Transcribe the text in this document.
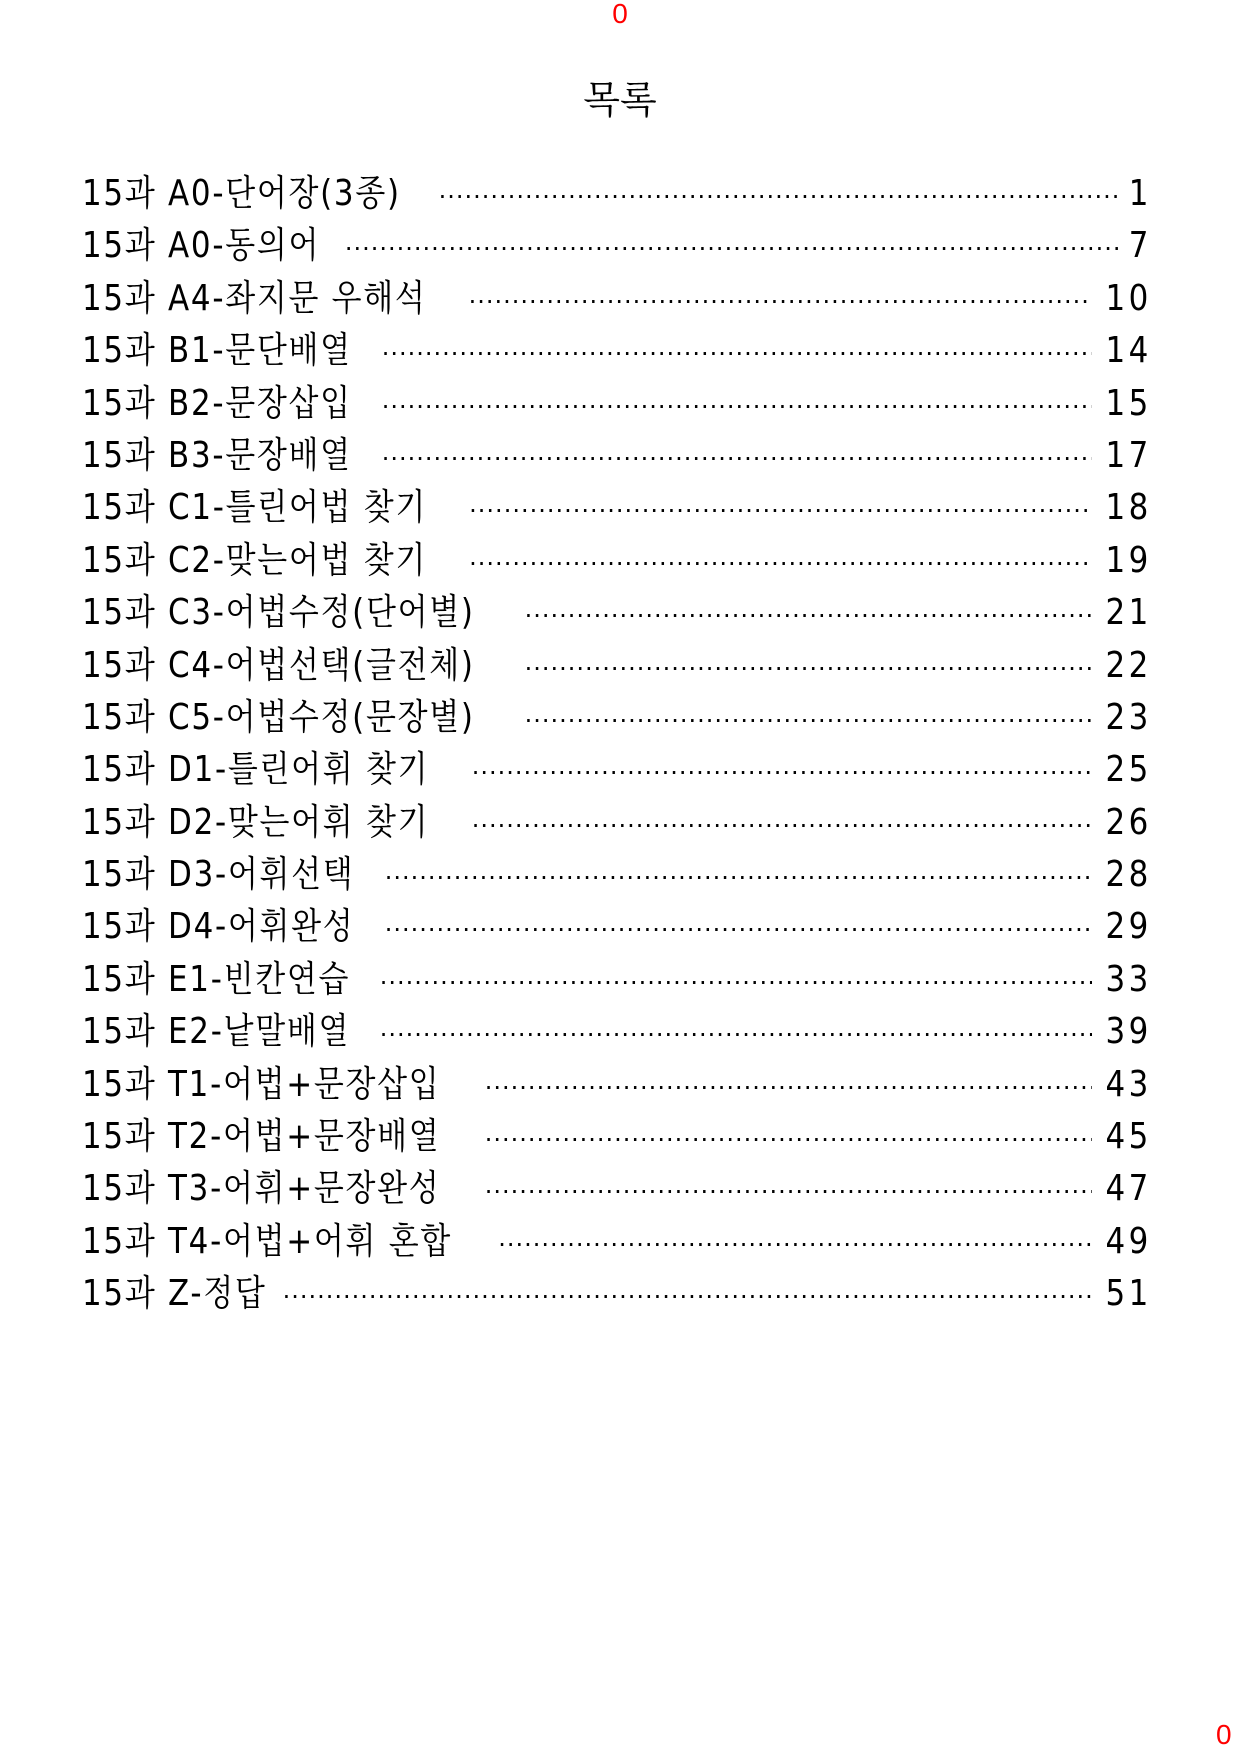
0
목록
15과 A0-단어장(3종) ·····	1
15과 A0-동의어 ·····	7
15과 A4-좌지문 우해석 ·····	10
15과 B1-문단배열 ·····	14
15과 B2-문장삽입 ·····	15
15과 B3-문장배열 ·····	17
15과 C1-틀린어법 찾기 ·····	18
15과 C2-맞는어법 찾기 ·····	19
15과 C3-어법수정(단어별) ·····	21
15과 C4-어법선택(글전체) ·····	22
15과 C5-어법수정(문장별) ·····	23
15과 D1-틀린어휘 찾기 ·····	25
15과 D2-맞는어휘 찾기 ·····	26
15과 D3-어휘선택 ·····	28
15과 D4-어휘완성 ·····	29
15과 E1-빈칸연습 ·····	33
15과 E2-낱말배열 ·····	39
15과 T1-어법+문장삽입 ·····	43
15과 T2-어법+문장배열 ·····	45
15과 T3-어휘+문장완성 ·····	47
15과 T4-어법+어휘 혼합 ·····	49
15과 Z-정답 ·····	51
0
